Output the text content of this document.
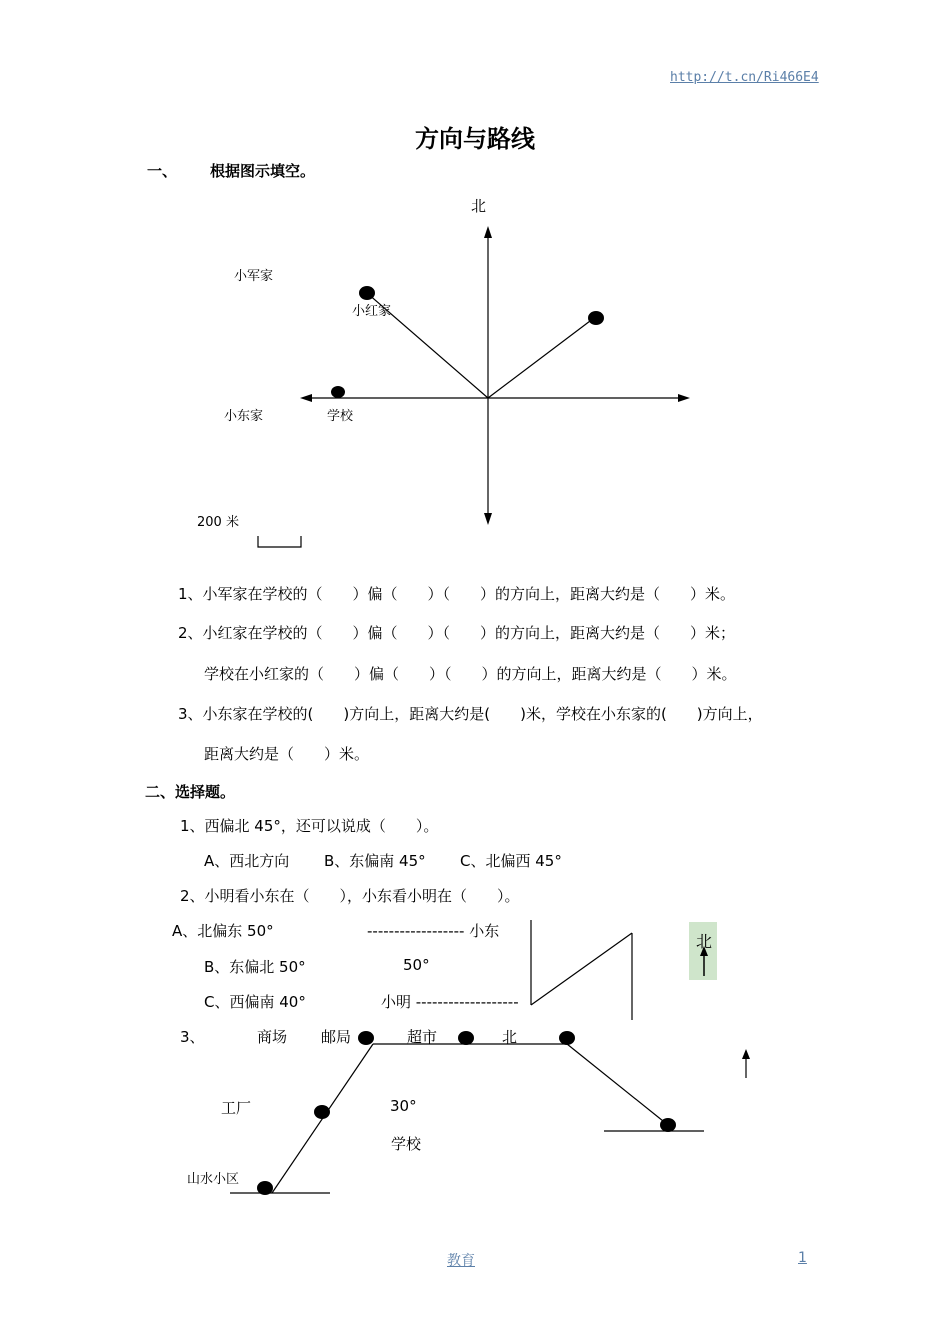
http://t.cn/Ri466E4
方向与路线
一、 根据图示填空。
北
小军家
小红家
小东家	学校
200 米
1、小军家在学校的（　　）偏（　　）（　　）的方向上，距离大约是（　　）米。
2、小红家在学校的（　　）偏（　　）（　　）的方向上，距离大约是（　　）米；
学校在小红家的（　　）偏（　　）（　　）的方向上，距离大约是（　　）米。
3、小东家在学校的(　　)方向上，距离大约是(　　)米，学校在小东家的(　　)方向上，
距离大约是（　　）米。
二、选择题。
1、西偏北 45°，还可以说成（　　）。
A、西北方向 B、东偏南 45° C、北偏西 45°
2、小明看小东在（　　），小东看小明在（　　）。
A、北偏东 50°
B、东偏北 50°
C、西偏南 40°
------------------ 小东
50°
小明 -------------------
北
3、	商场 邮局	超市	北
工厂	30°
学校
山水小区
教育	1
